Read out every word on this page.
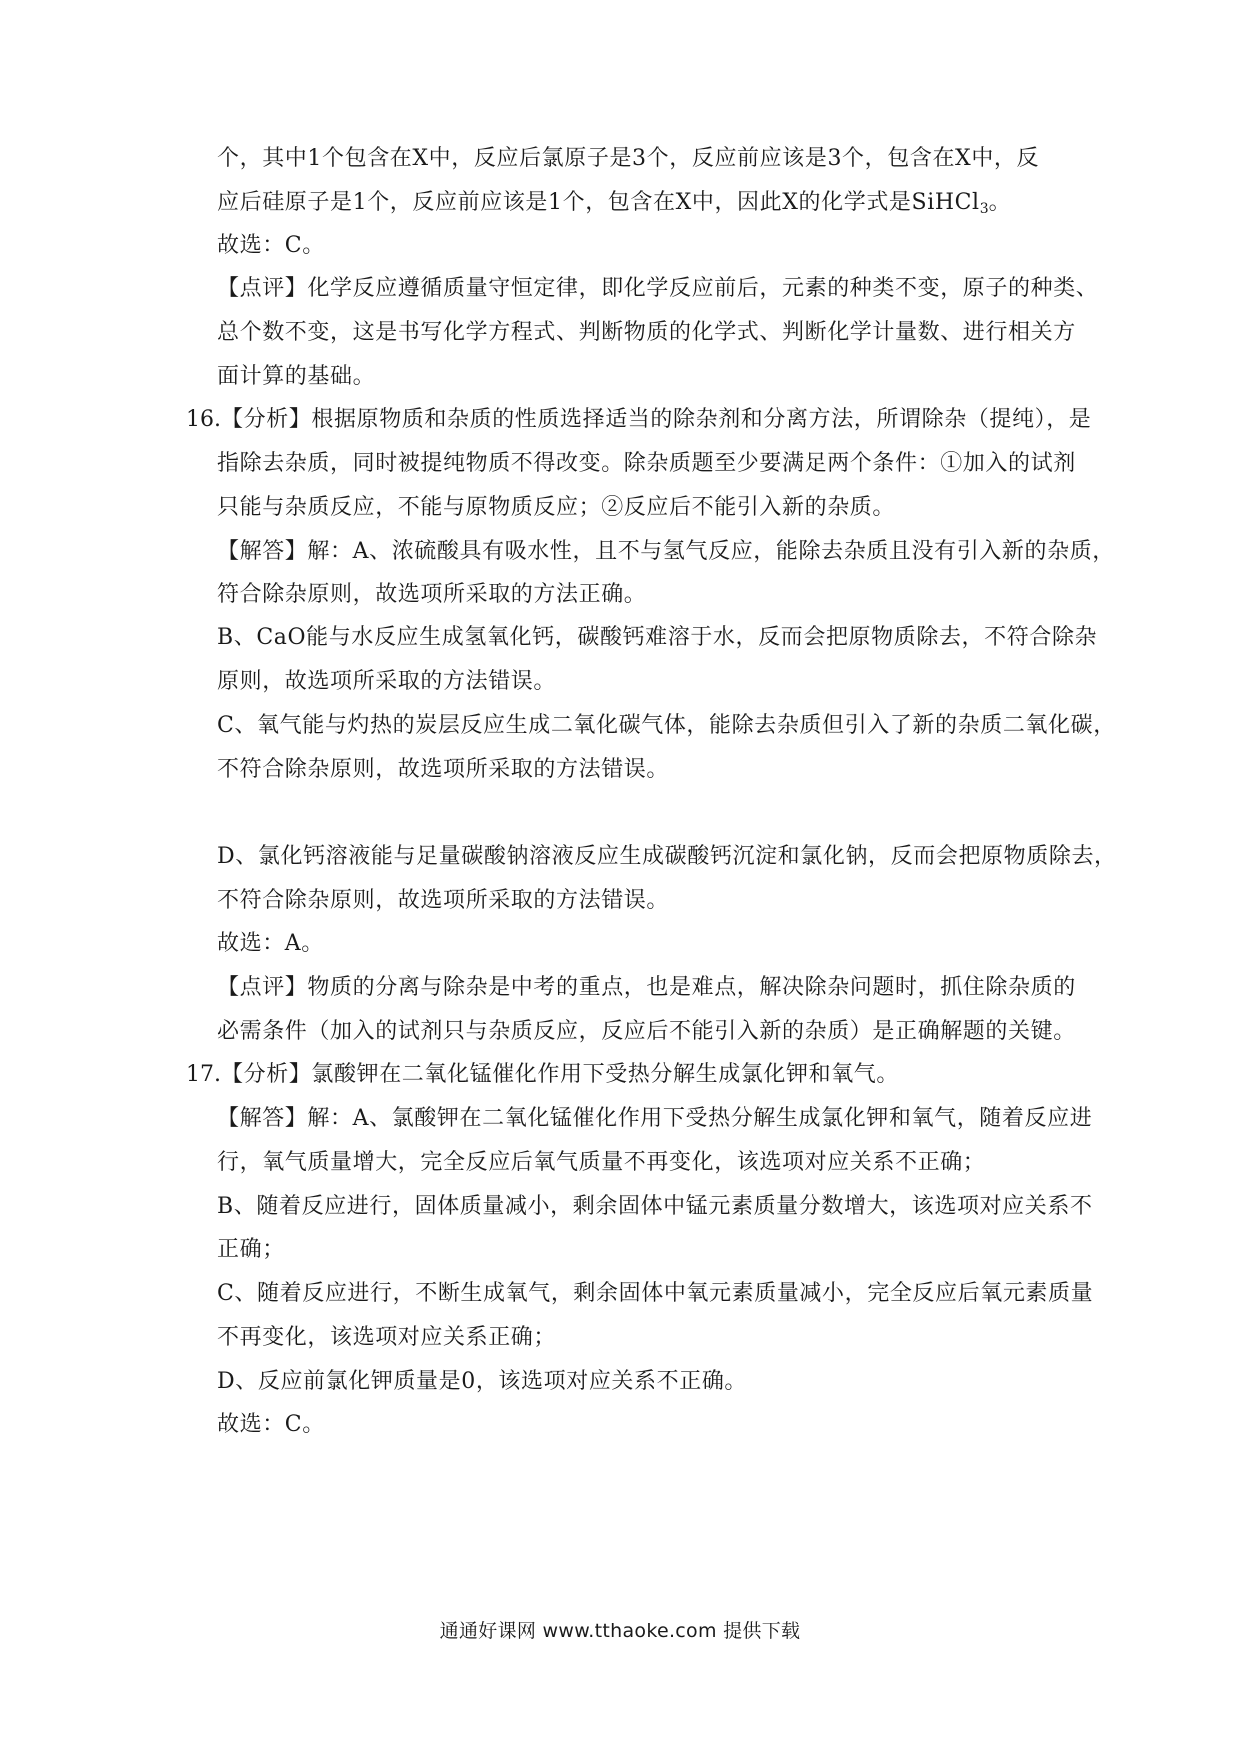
个，其中1个包含在X中，反应后氯原子是3个，反应前应该是3个，包含在X中，反
应后硅原子是1个，反应前应该是1个，包含在X中，因此X的化学式是SiHCl$_3$。
故选：C。
【点评】化学反应遵循质量守恒定律，即化学反应前后，元素的种类不变，原子的种类、
总个数不变，这是书写化学方程式、判断物质的化学式、判断化学计量数、进行相关方
面计算的基础。
16. 【分析】根据原物质和杂质的性质选择适当的除杂剂和分离方法，所谓除杂（提纯），是
指除去杂质，同时被提纯物质不得改变。除杂质题至少要满足两个条件：①加入的试剂
只能与杂质反应，不能与原物质反应；②反应后不能引入新的杂质。
【解答】解：A、浓硫酸具有吸水性，且不与氢气反应，能除去杂质且没有引入新的杂质，
符合除杂原则，故选项所采取的方法正确。
B、CaO能与水反应生成氢氧化钙，碳酸钙难溶于水，反而会把原物质除去，不符合除杂
原则，故选项所采取的方法错误。
C、氧气能与灼热的炭层反应生成二氧化碳气体，能除去杂质但引入了新的杂质二氧化碳，
不符合除杂原则，故选项所采取的方法错误。
D、氯化钙溶液能与足量碳酸钠溶液反应生成碳酸钙沉淀和氯化钠，反而会把原物质除去，
不符合除杂原则，故选项所采取的方法错误。
故选：A。
【点评】物质的分离与除杂是中考的重点，也是难点，解决除杂问题时，抓住除杂质的
必需条件（加入的试剂只与杂质反应，反应后不能引入新的杂质）是正确解题的关键。
17. 【分析】氯酸钾在二氧化锰催化作用下受热分解生成氯化钾和氧气。
【解答】解：A、氯酸钾在二氧化锰催化作用下受热分解生成氯化钾和氧气，随着反应进
行，氧气质量增大，完全反应后氧气质量不再变化，该选项对应关系不正确；
B、随着反应进行，固体质量减小，剩余固体中锰元素质量分数增大，该选项对应关系不
正确；
C、随着反应进行，不断生成氧气，剩余固体中氧元素质量减小，完全反应后氧元素质量
不再变化，该选项对应关系正确；
D、反应前氯化钾质量是0，该选项对应关系不正确。
故选：C。
通通好课网 www.tthaoke.com 提供下载
